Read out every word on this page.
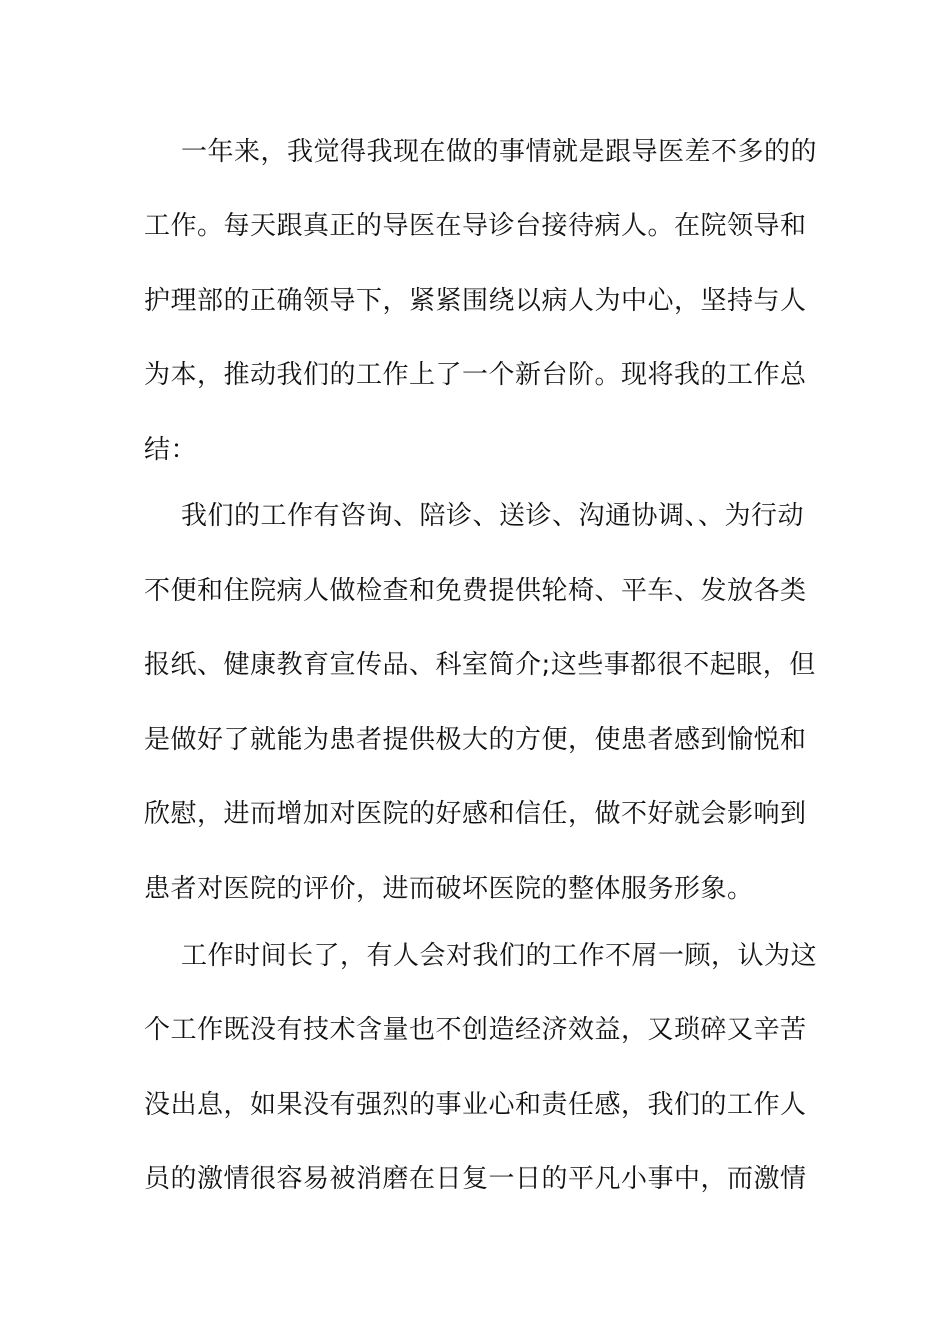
一年来，我觉得我现在做的事情就是跟导医差不多的的
工作。每天跟真正的导医在导诊台接待病人。在院领导和
护理部的正确领导下，紧紧围绕以病人为中心，坚持与人
为本，推动我们的工作上了一个新台阶。现将我的工作总
结：
我们的工作有咨询、陪诊、送诊、沟通协调、、为行动
不便和住院病人做检查和免费提供轮椅、平车、发放各类
报纸、健康教育宣传品、科室简介;这些事都很不起眼，但
是做好了就能为患者提供极大的方便，使患者感到愉悦和
欣慰，进而增加对医院的好感和信任，做不好就会影响到
患者对医院的评价，进而破坏医院的整体服务形象。
工作时间长了，有人会对我们的工作不屑一顾，认为这
个工作既没有技术含量也不创造经济效益，又琐碎又辛苦
没出息，如果没有强烈的事业心和责任感，我们的工作人
员的激情很容易被消磨在日复一日的平凡小事中，而激情
